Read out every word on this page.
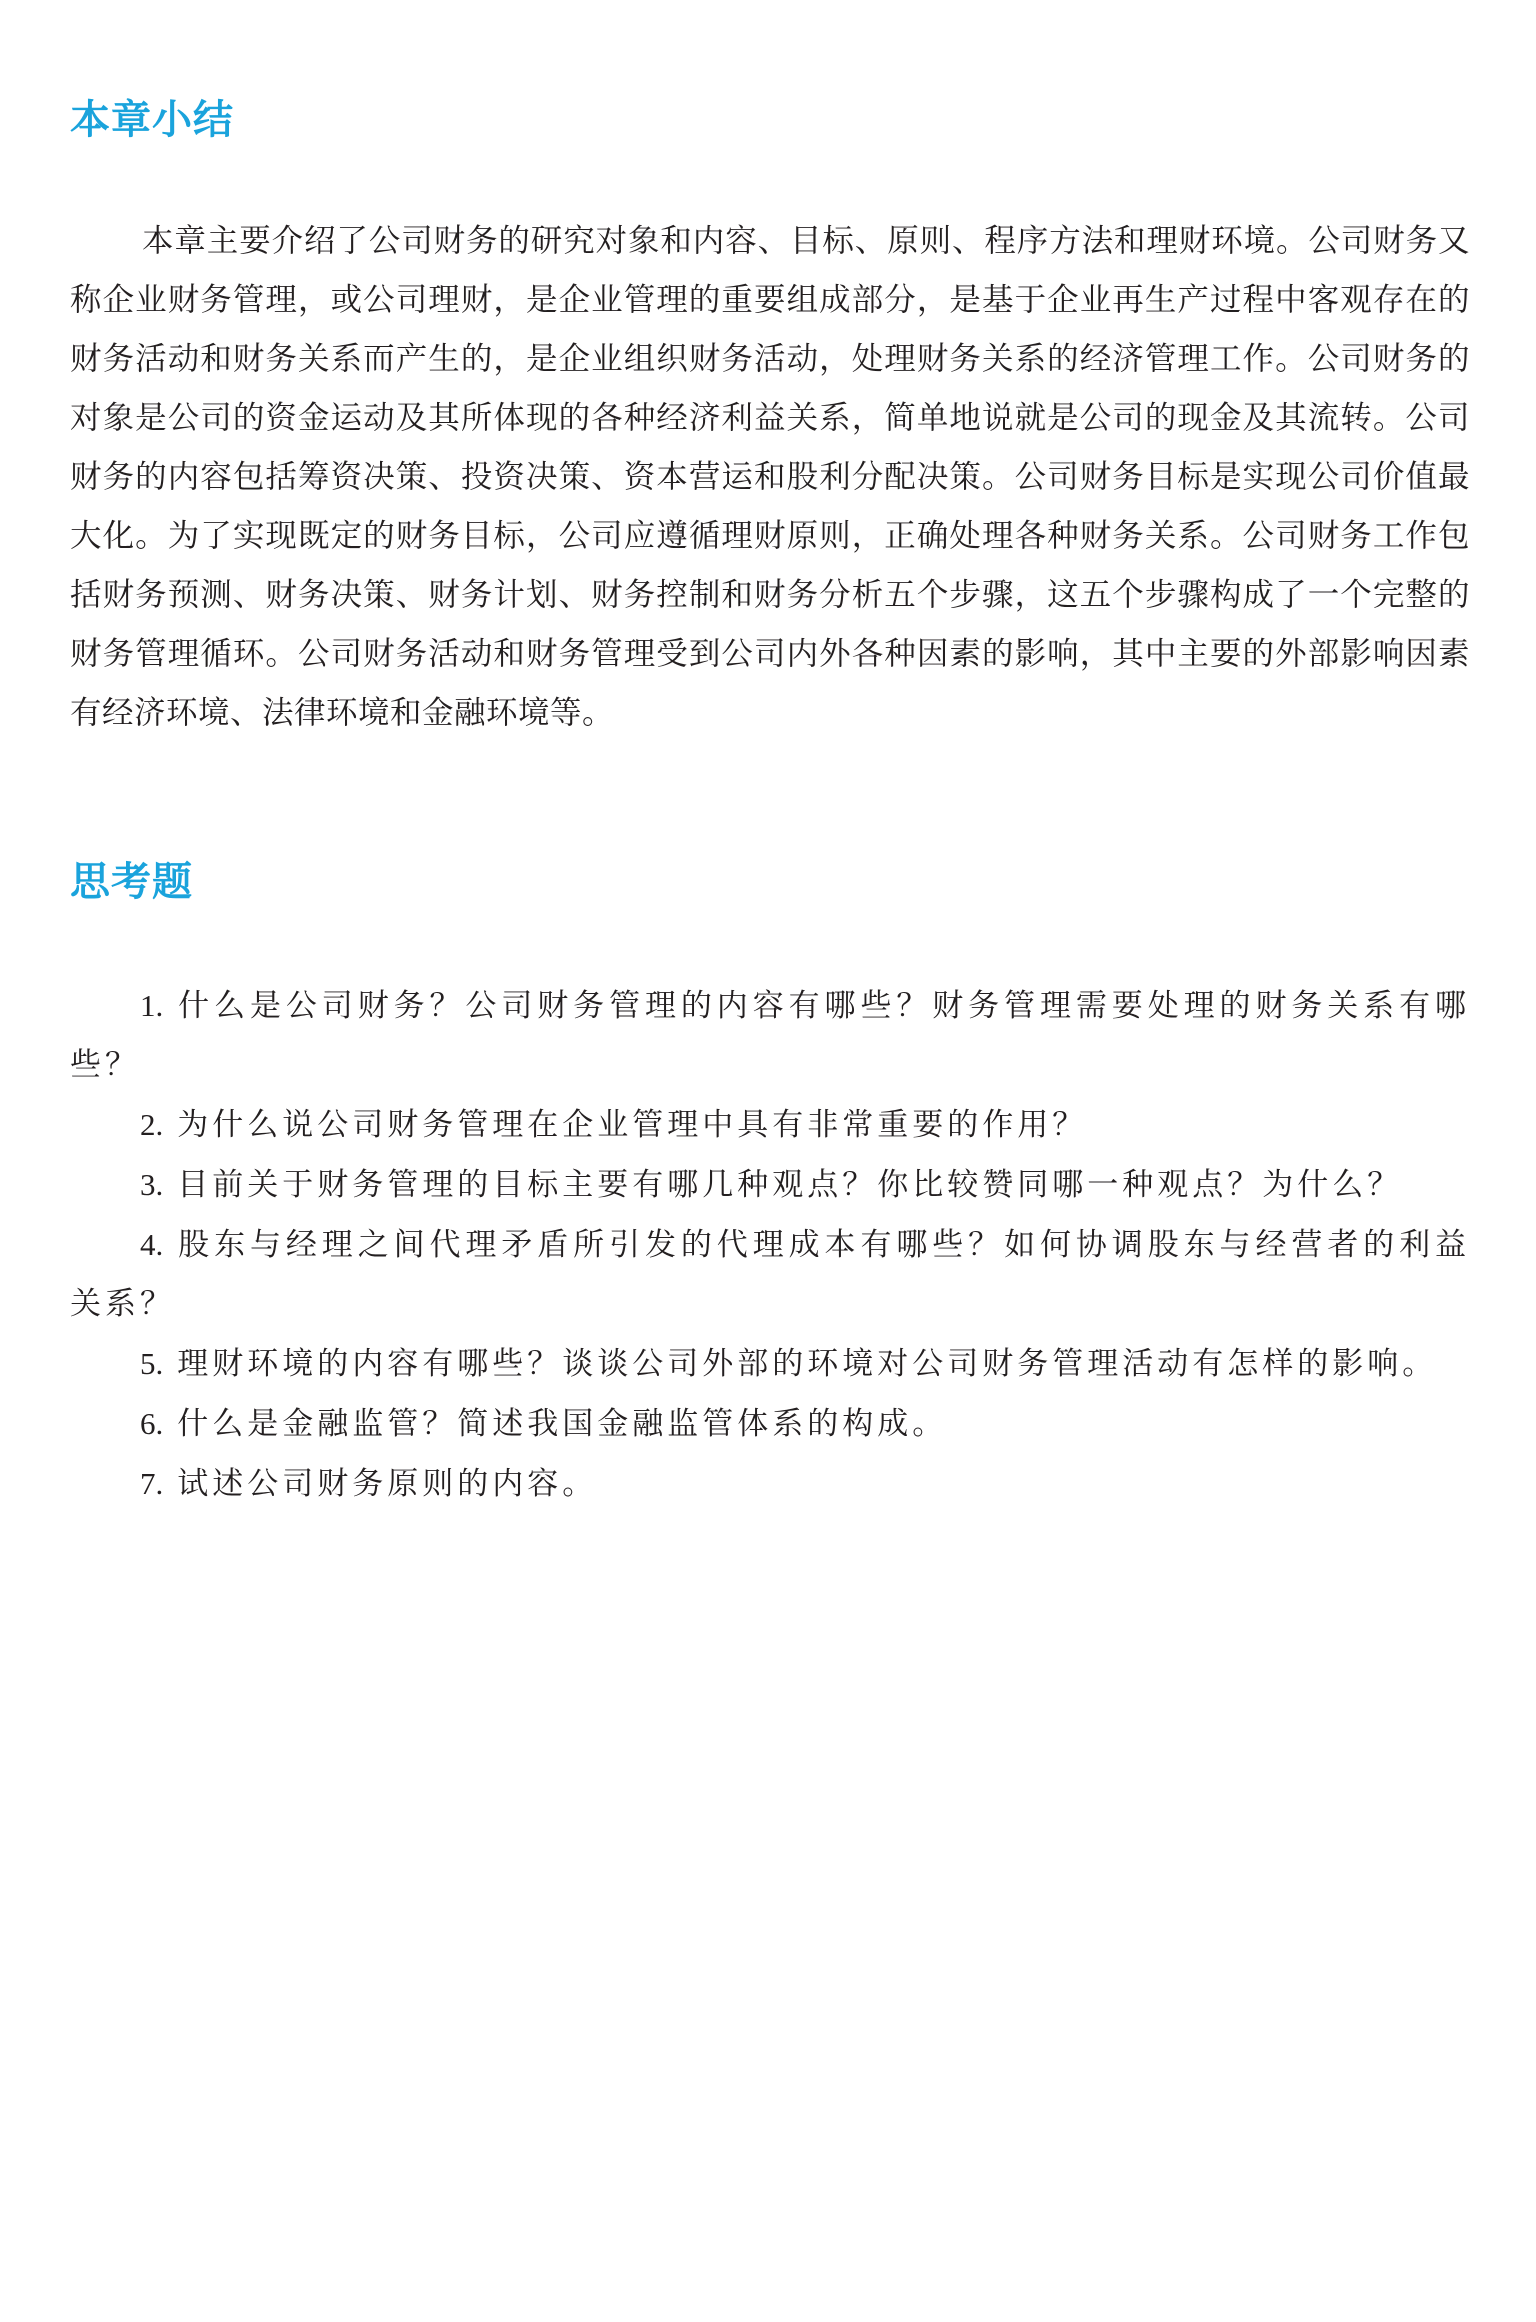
本章小结

本章主要介绍了公司财务的研究对象和内容、目标、原则、程序方法和理财环境。公司财务又称企业财务管理，或公司理财，是企业管理的重要组成部分，是基于企业再生产过程中客观存在的财务活动和财务关系而产生的，是企业组织财务活动，处理财务关系的经济管理工作。公司财务的对象是公司的资金运动及其所体现的各种经济利益关系，简单地说就是公司的现金及其流转。公司财务的内容包括筹资决策、投资决策、资本营运和股利分配决策。公司财务目标是实现公司价值最大化。为了实现既定的财务目标，公司应遵循理财原则，正确处理各种财务关系。公司财务工作包括财务预测、财务决策、财务计划、财务控制和财务分析五个步骤，这五个步骤构成了一个完整的财务管理循环。公司财务活动和财务管理受到公司内外各种因素的影响，其中主要的外部影响因素有经济环境、法律环境和金融环境等。

思考题
1. 什么是公司财务？公司财务管理的内容有哪些？财务管理需要处理的财务关系有哪些？
2. 为什么说公司财务管理在企业管理中具有非常重要的作用？
3. 目前关于财务管理的目标主要有哪几种观点？你比较赞同哪一种观点？为什么？
4. 股东与经理之间代理矛盾所引发的代理成本有哪些？如何协调股东与经营者的利益关系？
5. 理财环境的内容有哪些？谈谈公司外部的环境对公司财务管理活动有怎样的影响。
6. 什么是金融监管？简述我国金融监管体系的构成。
7. 试述公司财务原则的内容。
